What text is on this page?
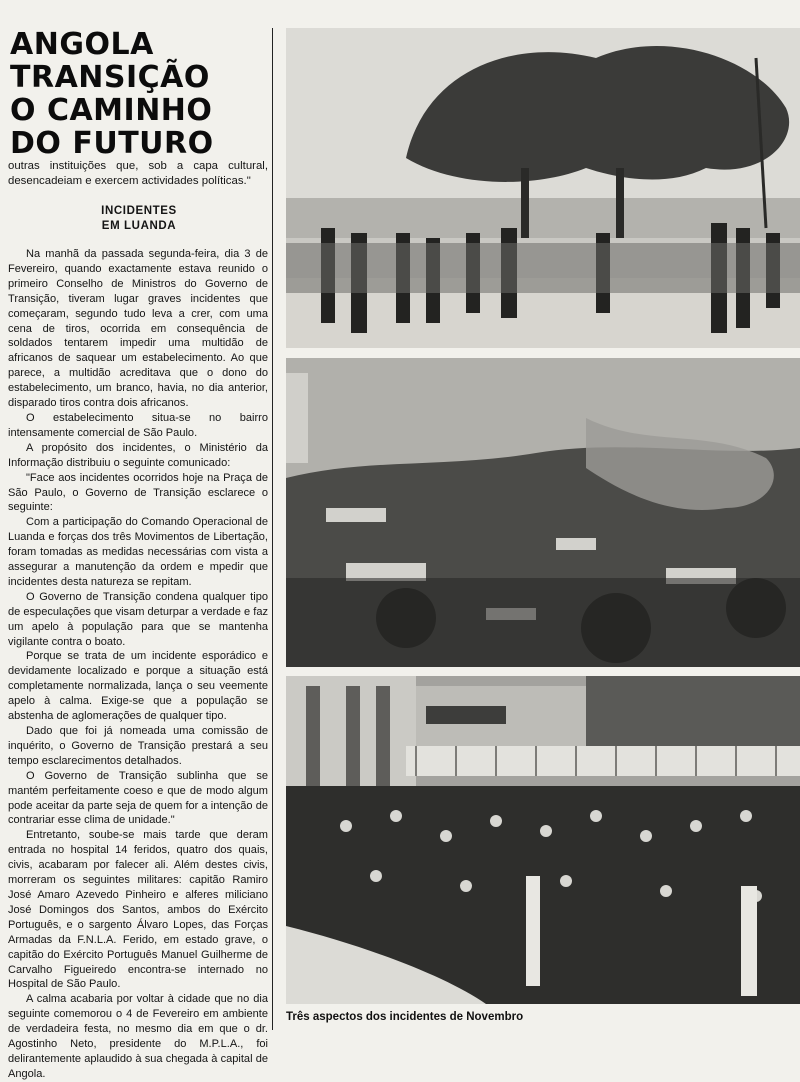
ANGOLA
TRANSIÇÃO
O CAMINHO
DO FUTURO
outras instituições que, sob a capa cultural, desencadeiam e exercem actividades políticas."
INCIDENTES
EM LUANDA

Na manhã da passada segunda-feira, dia 3 de Fevereiro, quando exactamente estava reunido o primeiro Conselho de Ministros do Governo de Transição, tiveram lugar graves incidentes que começaram, segundo tudo leva a crer, com uma cena de tiros, ocorrida em consequência de soldados tentarem impedir uma multidão de africanos de saquear um estabelecimento. Ao que parece, a multidão acreditava que o dono do estabelecimento, um branco, havia, no dia anterior, disparado tiros contra dois africanos.

O estabelecimento situa-se no bairro intensamente comercial de São Paulo.

A propósito dos incidentes, o Ministério da Informação distribuiu o seguinte comunicado:

"Face aos incidentes ocorridos hoje na Praça de São Paulo, o Governo de Transição esclarece o seguinte:

Com a participação do Comando Operacional de Luanda e forças dos três Movimentos de Libertação, foram tomadas as medidas necessárias com vista a assegurar a manutenção da ordem e mpedir que incidentes desta natureza se repitam.

O Governo de Transição condena qualquer tipo de especulações que visam deturpar a verdade e faz um apelo à população para que se mantenha vigilante contra o boato.

Porque se trata de um incidente esporádico e devidamente localizado e porque a situação está completamente normalizada, lança o seu veemente apelo à calma. Exige-se que a população se abstenha de aglomerações de qualquer tipo.

Dado que foi já nomeada uma comissão de inquérito, o Governo de Transição prestará a seu tempo esclarecimentos detalhados.

O Governo de Transição sublinha que se mantém perfeitamente coeso e que de modo algum pode aceitar da parte seja de quem for a intenção de contrariar esse clima de unidade."

Entretanto, soube-se mais tarde que deram entrada no hospital 14 feridos, quatro dos quais, civis, acabaram por falecer ali. Além destes civis, morreram os seguintes militares: capitão Ramiro José Amaro Azevedo Pinheiro e alferes miliciano José Domingos dos Santos, ambos do Exército Português, e o sargento Álvaro Lopes, das Forças Armadas da F.N.L.A. Ferido, em estado grave, o capitão do Exército Português Manuel Guilherme de Carvalho Figueiredo encontra-se internado no Hospital de São Paulo.

A calma acabaria por voltar à cidade que no dia seguinte comemorou o 4 de Fevereiro em ambiente de verdadeira festa, no mesmo dia em que o dr. Agostinho Neto, presidente do M.P.L.A., foi delirantemente aplaudido à sua chegada à capital de Angola.

Três aspectos dos incidentes de Novembro
